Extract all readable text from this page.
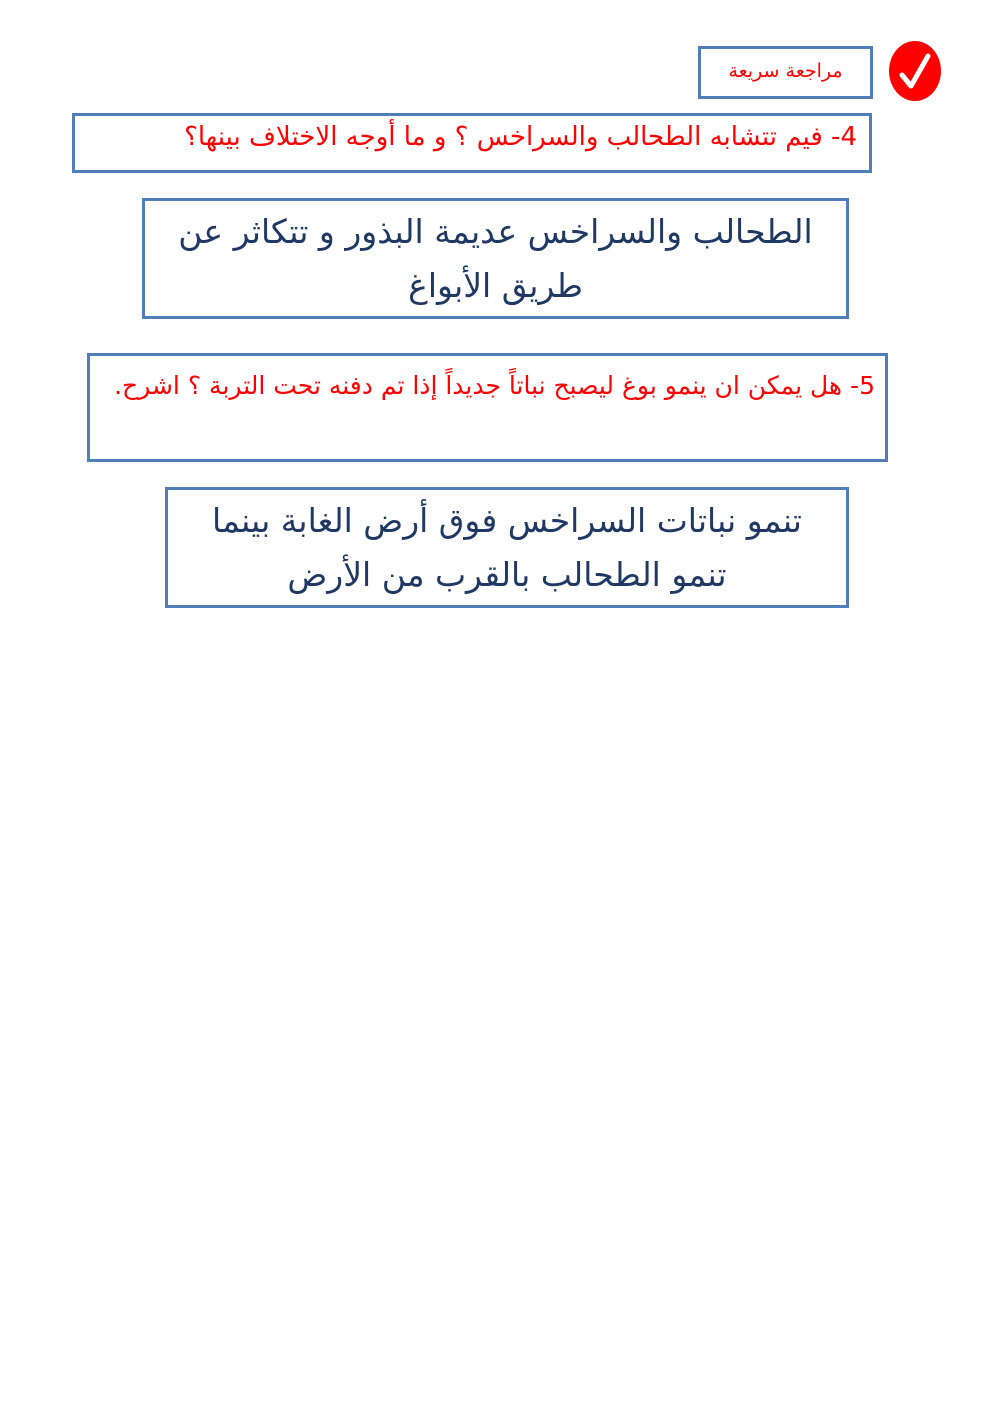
مراجعة سريعة
4- فيم تتشابه الطحالب والسراخس ؟ و ما أوجه الاختلاف بينها؟
الطحالب والسراخس عديمة البذور و تتكاثر عن طريق الأبواغ
5- هل يمكن ان ينمو بوغ ليصبح نباتاً جديداً إذا تم دفنه تحت التربة ؟ اشرح.
تنمو نباتات السراخس فوق أرض الغابة بينما تنمو الطحالب بالقرب من الأرض
